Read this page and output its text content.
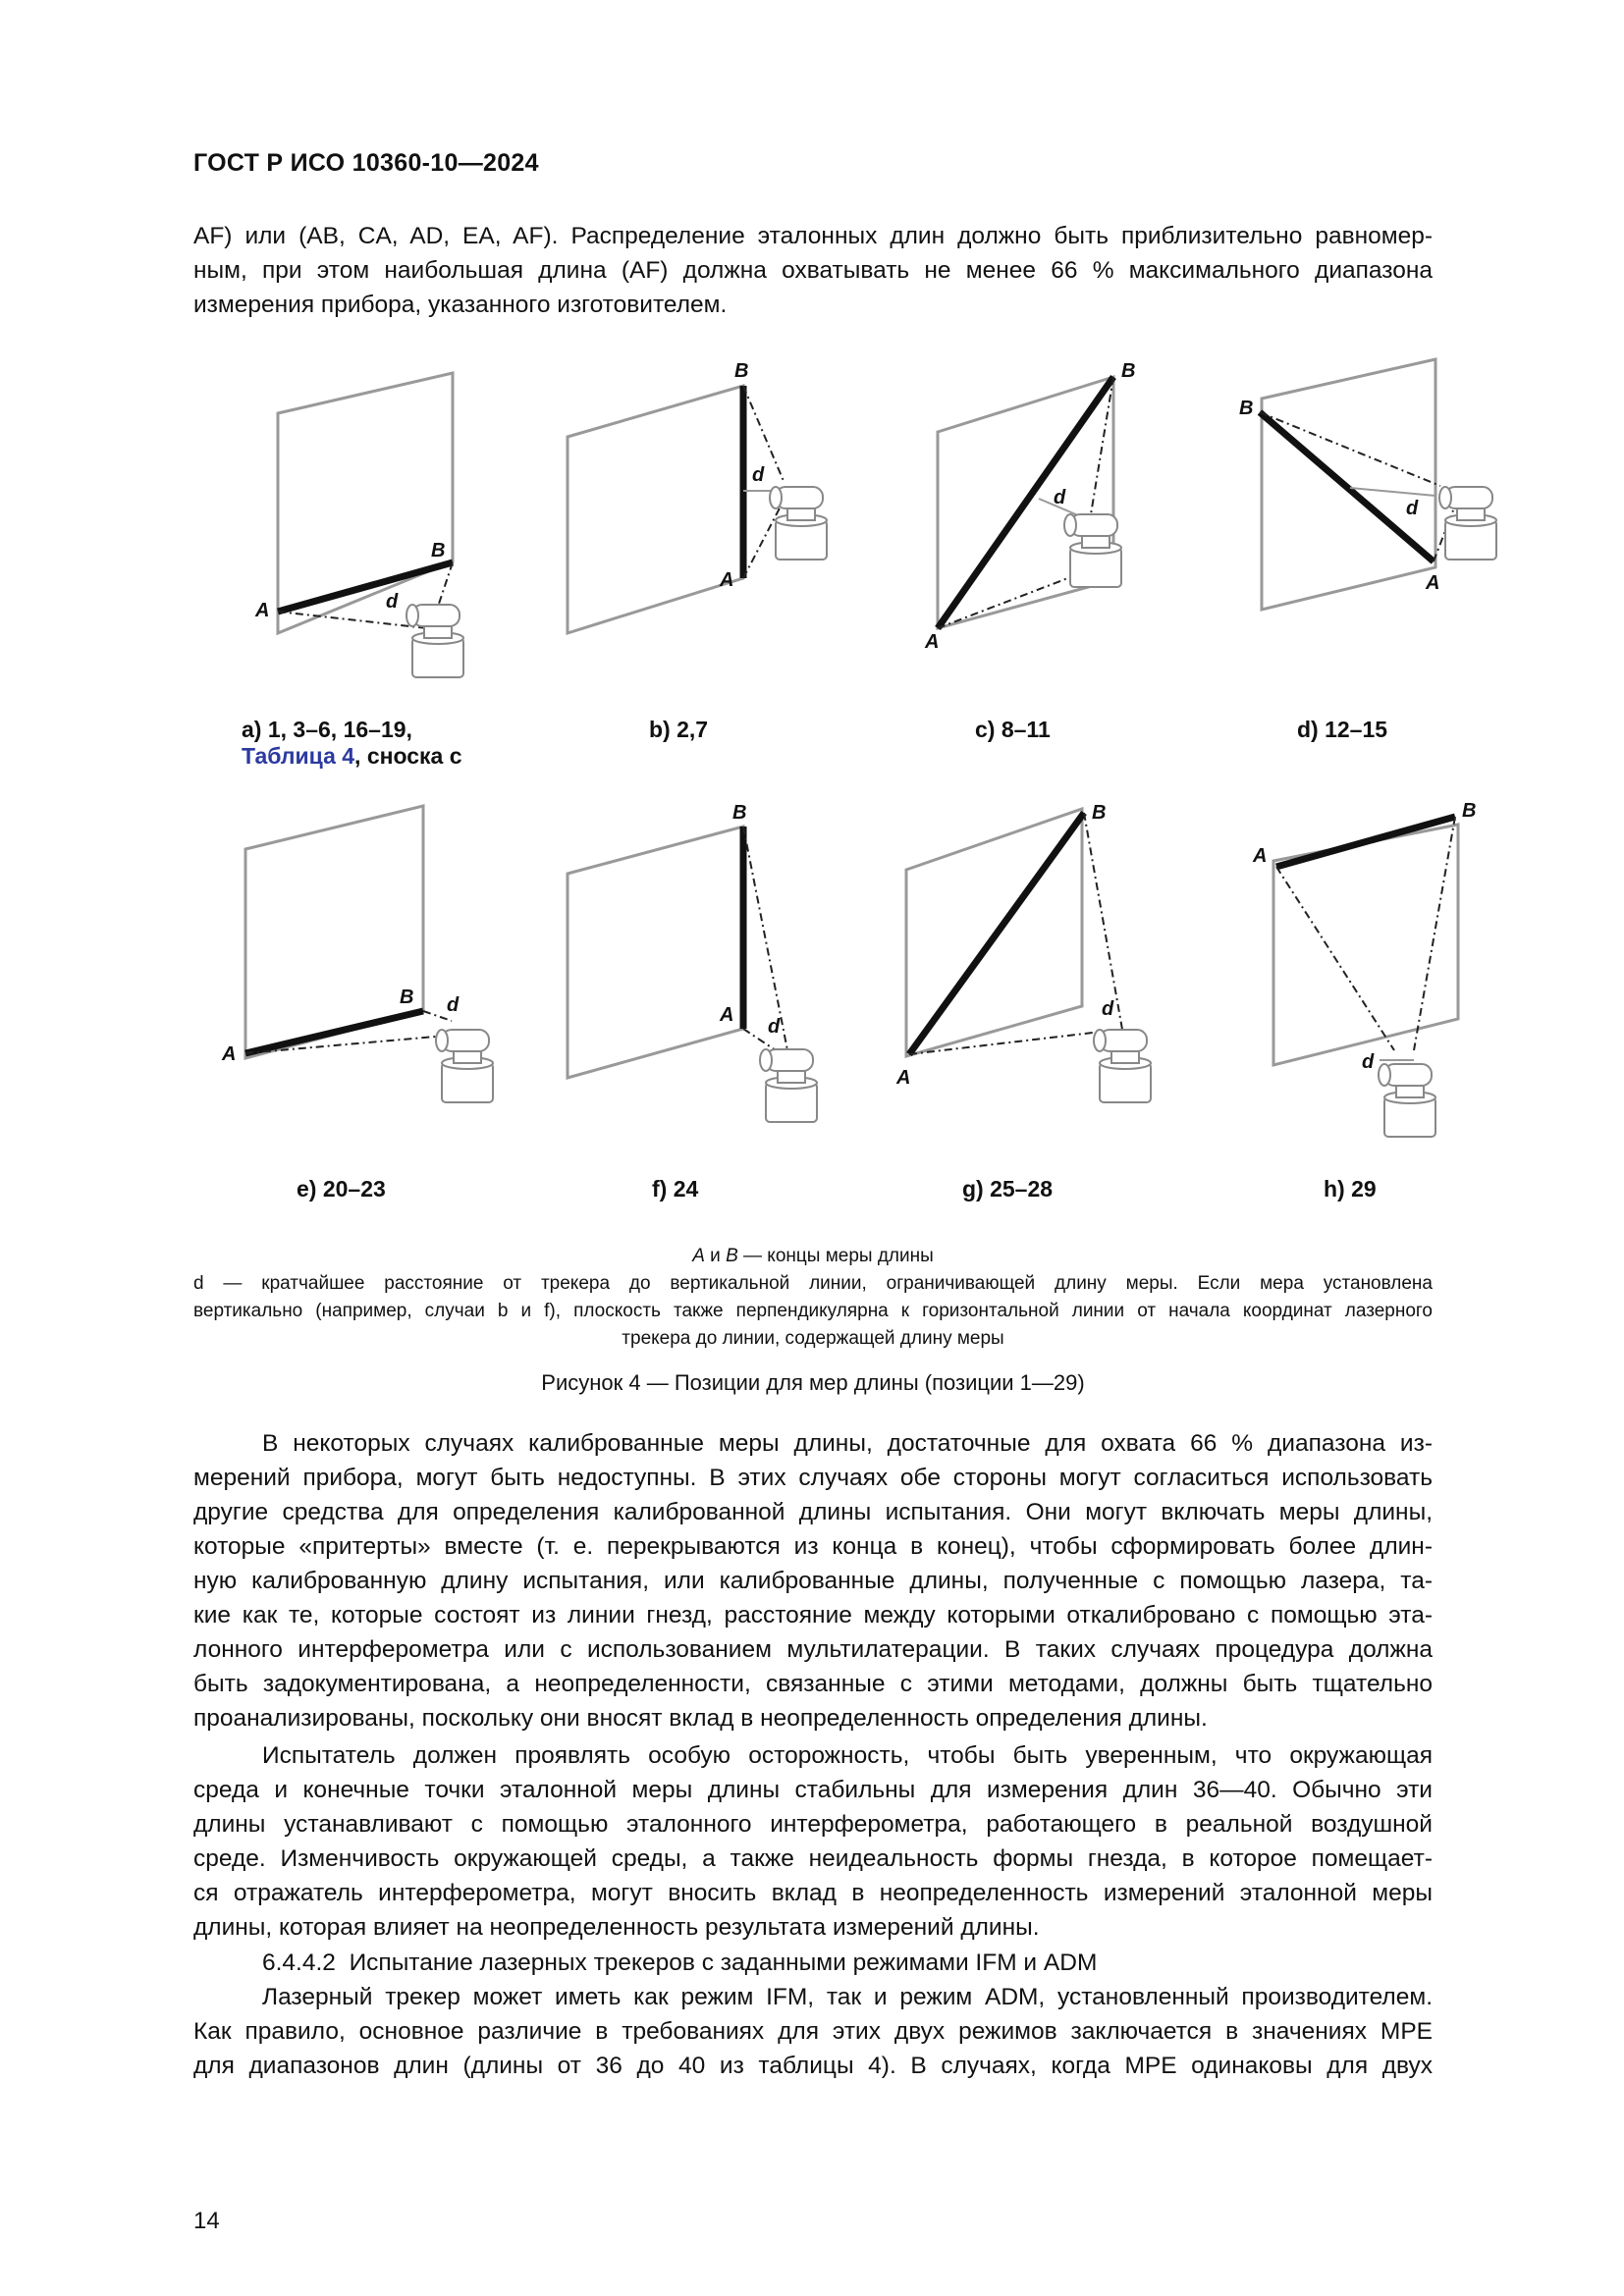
ГОСТ Р ИСО 10360-10—2024
AF) или (AB, CA, AD, EA, AF). Распределение эталонных длин должно быть приблизительно равномер-
ным, при этом наибольшая длина (AF) должна охватывать не менее 66 % максимального диапазона
измерения прибора, указанного изготовителем.
A
B
d
B
A
d
B
A
d
B
A
d
A
B d
B
A
d
B
A
d
B
A
d
a) 1, 3–6, 16–19,
Таблица 4, сноска с
b) 2,7	c) 8–11	d) 12–15
e) 20–23	f) 24	g) 25–28	h) 29
A и B — концы меры длины
d — кратчайшее расстояние от трекера до вертикальной линии, ограничивающей длину меры. Если мера установлена
вертикально (например, случаи b и f), плоскость также перпендикулярна к горизонтальной линии от начала координат лазерного
трекера до линии, содержащей длину меры
Рисунок 4 — Позиции для мер длины (позиции 1—29)
В некоторых случаях калиброванные меры длины, достаточные для охвата 66 % диапазона из-
мерений прибора, могут быть недоступны. В этих случаях обе стороны могут согласиться использовать
другие средства для определения калиброванной длины испытания. Они могут включать меры длины,
которые «притерты» вместе (т. е. перекрываются из конца в конец), чтобы сформировать более длин-
ную калиброванную длину испытания, или калиброванные длины, полученные с помощью лазера, та-
кие как те, которые состоят из линии гнезд, расстояние между которыми откалибровано с помощью эта-
лонного интерферометра или с использованием мультилатерации. В таких случаях процедура должна
быть задокументирована, а неопределенности, связанные с этими методами, должны быть тщательно
проанализированы, поскольку они вносят вклад в неопределенность определения длины.
Испытатель должен проявлять особую осторожность, чтобы быть уверенным, что окружающая
среда и конечные точки эталонной меры длины стабильны для измерения длин 36—40. Обычно эти
длины устанавливают с помощью эталонного интерферометра, работающего в реальной воздушной
среде. Изменчивость окружающей среды, а также неидеальность формы гнезда, в которое помещает-
ся отражатель интерферометра, могут вносить вклад в неопределенность измерений эталонной меры
длины, которая влияет на неопределенность результата измерений длины.
6.4.4.2 Испытание лазерных трекеров с заданными режимами IFM и ADM
Лазерный трекер может иметь как режим IFM, так и режим ADM, установленный производителем.
Как правило, основное различие в требованиях для этих двух режимов заключается в значениях MPE
для диапазонов длин (длины от 36 до 40 из таблицы 4). В случаях, когда MPE одинаковы для двух
14
